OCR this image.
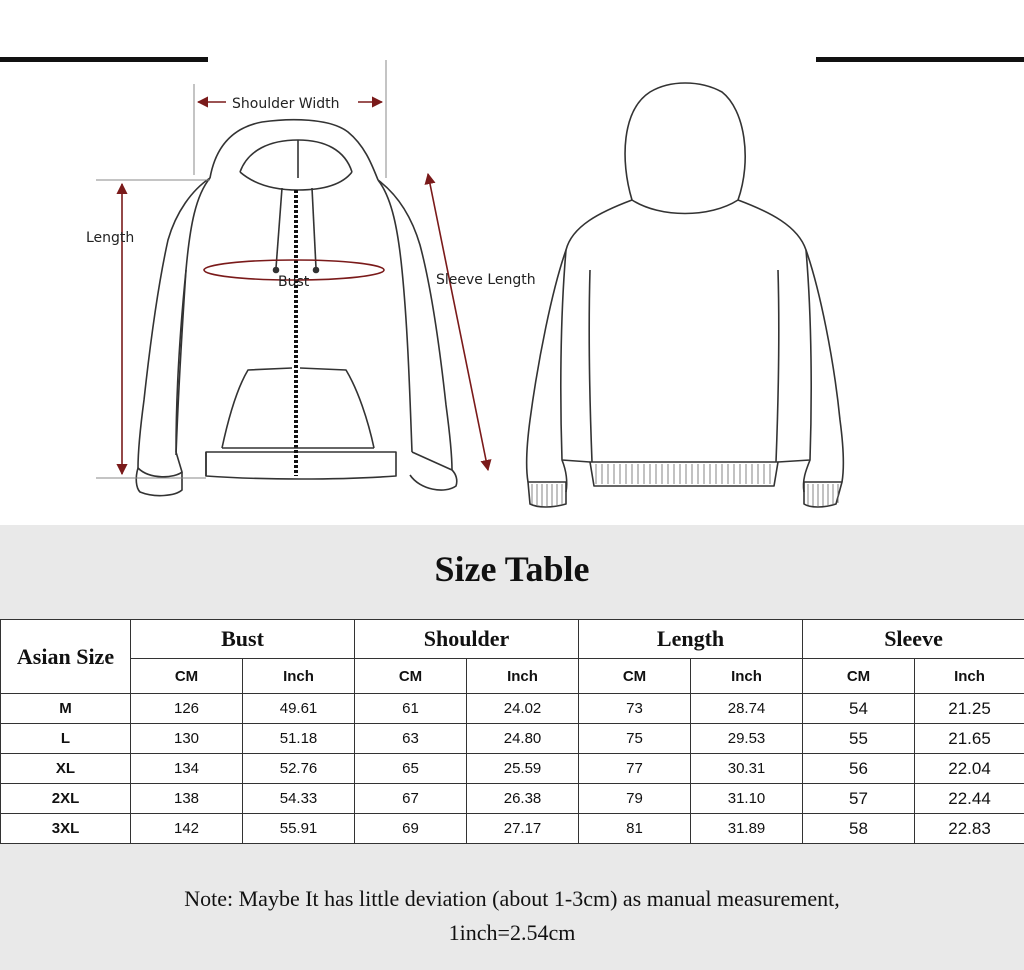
Shoulder Width
Length
Bust	Sleeve Length
Size Table
Asian Size	Bust		Shoulder		Length		Sleeve	
	CM	Inch	CM	Inch	CM	Inch	CM	Inch
M	126	49.61	61	24.02	73	28.74	54	21.25
L	130	51.18	63	24.80	75	29.53	55	21.65
XL	134	52.76	65	25.59	77	30.31	56	22.04
2XL	138	54.33	67	26.38	79	31.10	57	22.44
3XL	142	55.91	69	27.17	81	31.89	58	22.83
Note: Maybe It has little deviation (about 1-3cm) as manual measurement,
1inch=2.54cm
